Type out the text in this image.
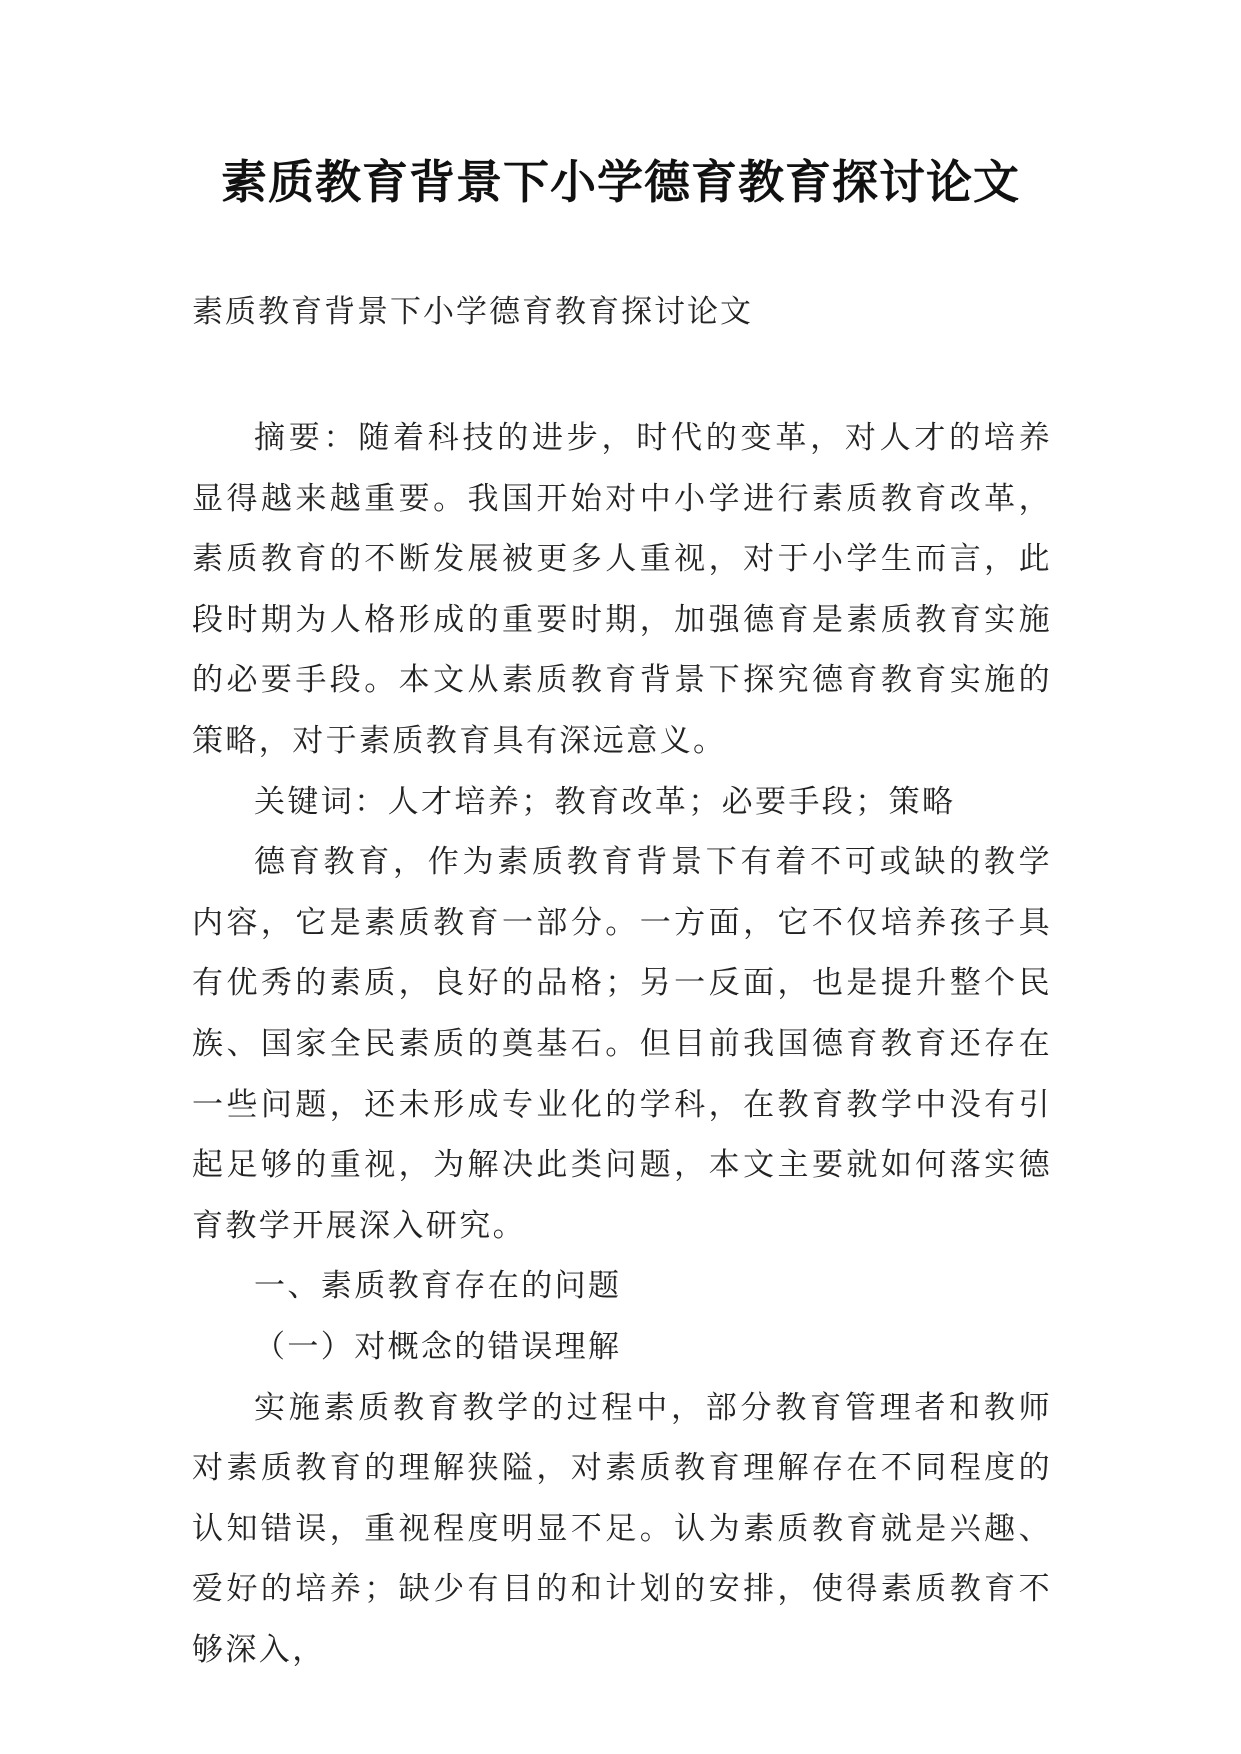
素质教育背景下小学德育教育探讨论文
素质教育背景下小学德育教育探讨论文

摘要：随着科技的进步，时代的变革，对人才的培养显得越来越重要。我国开始对中小学进行素质教育改革，素质教育的不断发展被更多人重视，对于小学生而言，此段时期为人格形成的重要时期，加强德育是素质教育实施的必要手段。本文从素质教育背景下探究德育教育实施的策略，对于素质教育具有深远意义。

关键词：人才培养；教育改革；必要手段；策略

德育教育，作为素质教育背景下有着不可或缺的教学内容，它是素质教育一部分。一方面，它不仅培养孩子具有优秀的素质，良好的品格；另一反面，也是提升整个民族、国家全民素质的奠基石。但目前我国德育教育还存在一些问题，还未形成专业化的学科，在教育教学中没有引起足够的重视，为解决此类问题，本文主要就如何落实德育教学开展深入研究。

一、素质教育存在的问题

（一）对概念的错误理解

实施素质教育教学的过程中，部分教育管理者和教师对素质教育的理解狭隘，对素质教育理解存在不同程度的认知错误，重视程度明显不足。认为素质教育就是兴趣、爱好的培养；缺少有目的和计划的安排，使得素质教育不够深入，
